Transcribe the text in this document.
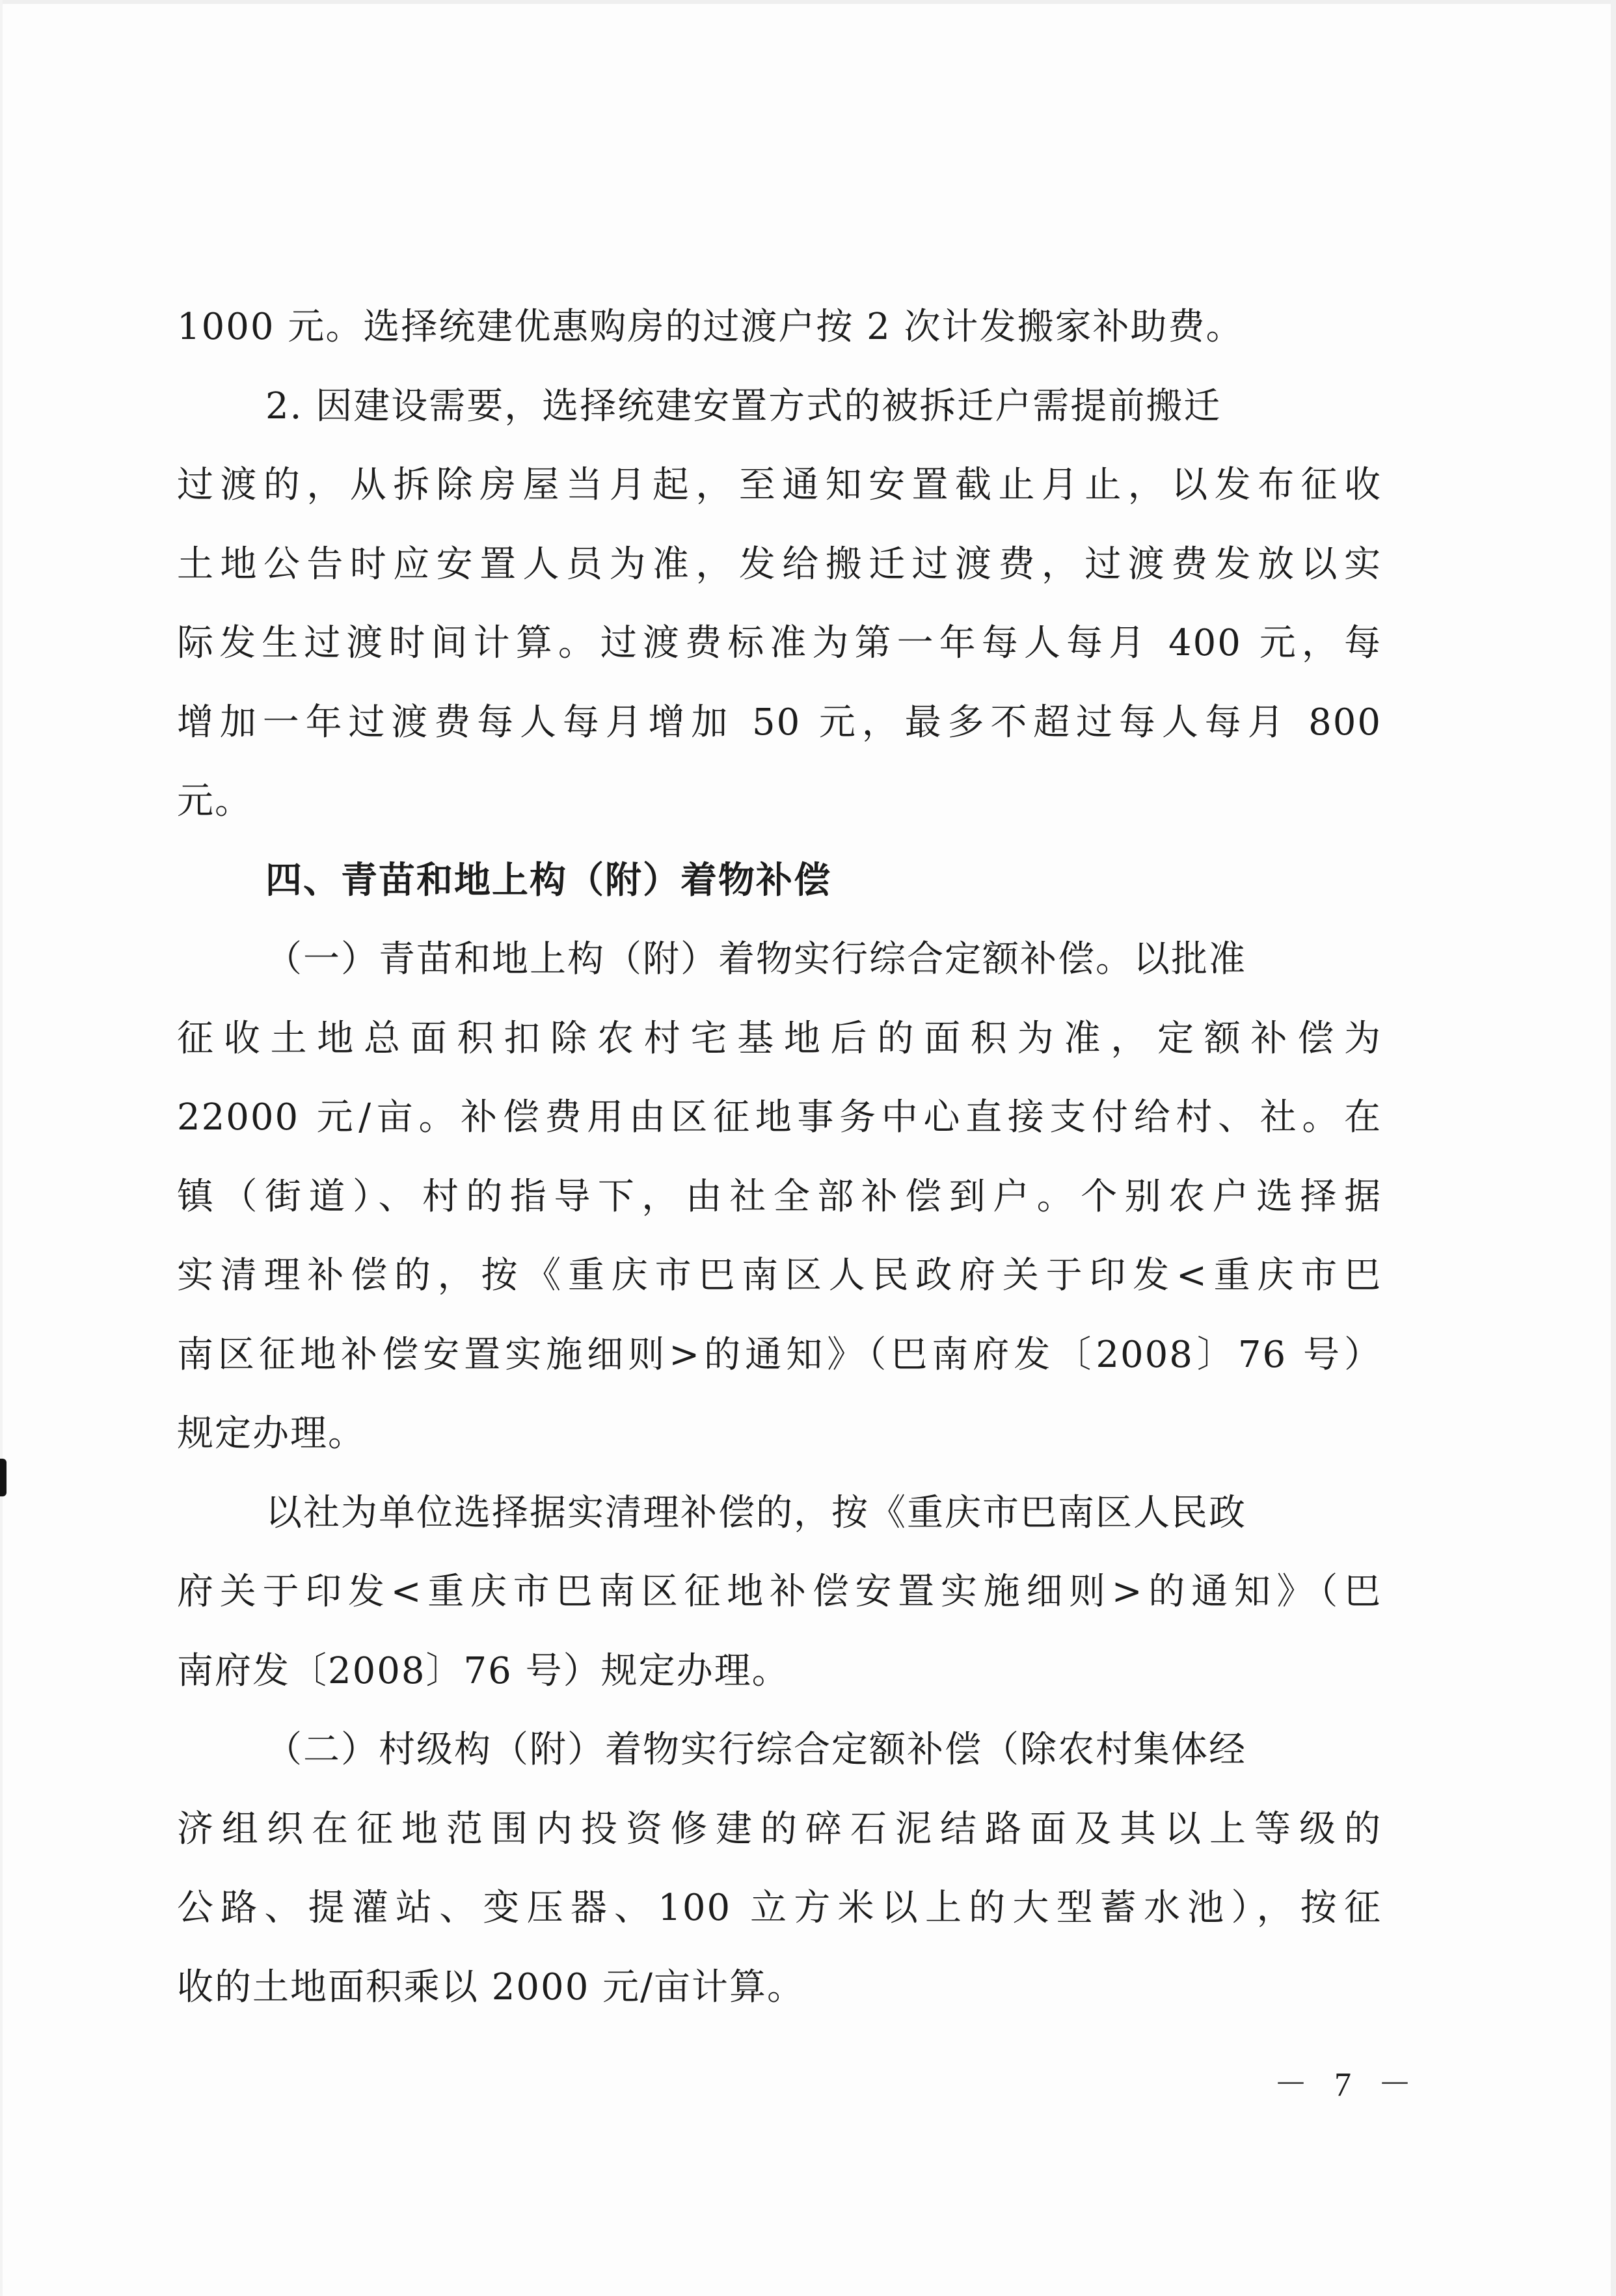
1000 元。选择统建优惠购房的过渡户按 2 次计发搬家补助费。

2. 因建设需要，选择统建安置方式的被拆迁户需提前搬迁

过渡的，从拆除房屋当月起，至通知安置截止月止，以发布征收

土地公告时应安置人员为准，发给搬迁过渡费，过渡费发放以实

际发生过渡时间计算。过渡费标准为第一年每人每月 400 元，每

增加一年过渡费每人每月增加 50 元，最多不超过每人每月 800

元。

四、青苗和地上构（附）着物补偿

（一）青苗和地上构（附）着物实行综合定额补偿。以批准

征收土地总面积扣除农村宅基地后的面积为准，定额补偿为

22000 元/亩。补偿费用由区征地事务中心直接支付给村、社。在

镇（街道）、村的指导下，由社全部补偿到户。个别农户选择据

实清理补偿的，按《重庆市巴南区人民政府关于印发<重庆市巴

南区征地补偿安置实施细则>的通知》（巴南府发〔2008〕76 号）

规定办理。

以社为单位选择据实清理补偿的，按《重庆市巴南区人民政

府关于印发<重庆市巴南区征地补偿安置实施细则>的通知》（巴

南府发〔2008〕76 号）规定办理。

（二）村级构（附）着物实行综合定额补偿（除农村集体经

济组织在征地范围内投资修建的碎石泥结路面及其以上等级的

公路、提灌站、变压器、100 立方米以上的大型蓄水池），按征

收的土地面积乘以 2000 元/亩计算。

－ 7 －
